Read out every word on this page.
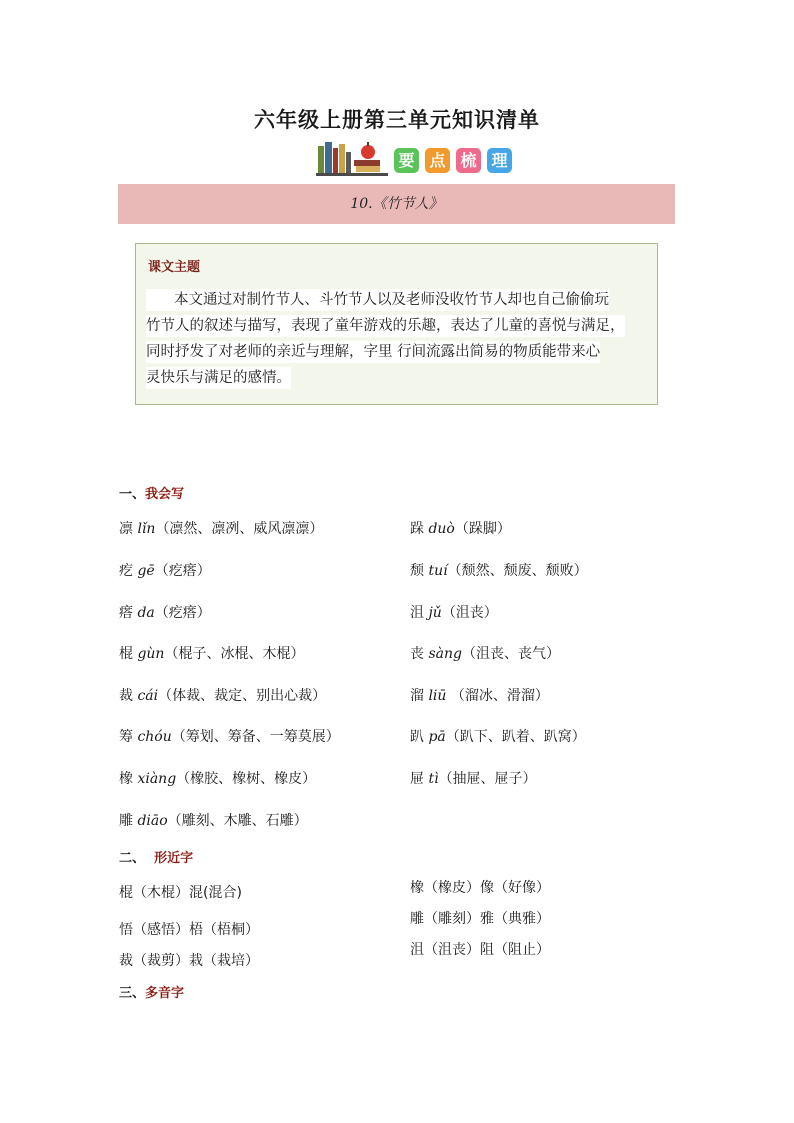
六年级上册第三单元知识清单
要 点 梳 理
10.《竹节人》
课文主题
本文通过对制竹节人、斗竹节人以及老师没收竹节人却也自己偷偷玩
竹节人的叙述与描写，表现了童年游戏的乐趣，表达了儿童的喜悦与满足，
同时抒发了对老师的亲近与理解，字里 行间流露出简易的物质能带来心
灵快乐与满足的感情。
一、我会写
凛 lǐn（凛然、凛冽、威风凛凛）
疙 gē（疙瘩）
瘩 da（疙瘩）
棍 gùn（棍子、冰棍、木棍）
裁 cái（体裁、裁定、别出心裁）
筹 chóu（筹划、筹备、一筹莫展）
橡 xiàng（橡胶、橡树、橡皮）
雕 diāo（雕刻、木雕、石雕）
跺 duò（跺脚）
颓 tuí（颓然、颓废、颓败）
沮 jǔ（沮丧）
丧 sàng（沮丧、丧气）
溜 liū （溜冰、滑溜）
趴 pā（趴下、趴着、趴窝）
屉 tì（抽屉、屉子）
二、 形近字
棍（木棍）混(混合)
悟（感悟）梧（梧桐）
裁（裁剪）栽（栽培）
橡（橡皮）像（好像）
雕（雕刻）雅（典雅）
沮（沮丧）阻（阻止）
三、多音字
